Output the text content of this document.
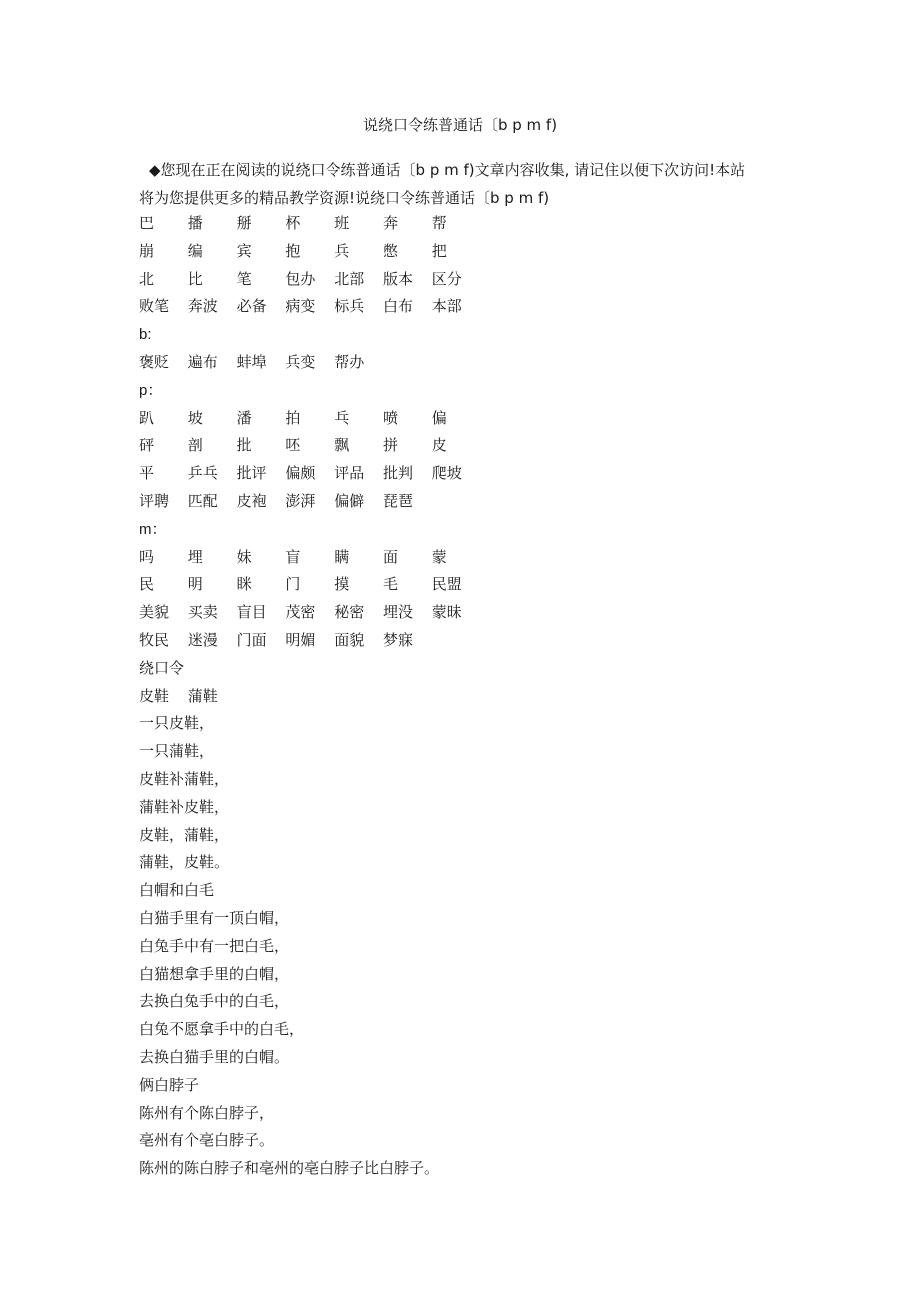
说绕口令练普通话〔b p m f)

◆您现在正在阅读的说绕口令练普通话〔b p m f)文章内容收集, 请记住以便下次访问!本站

将为您提供更多的精品教学资源!说绕口令练普通话〔b p m f)

巴	播	掰	杯	班	奔	帮
崩	编	宾	抱	兵	憋	把
北	比	笔	包办	北部	版本	区分
败笔	奔波	必备	病变	标兵	白布	本部
b:
褒贬	遍布	蚌埠	兵变	帮办
p：
趴	坡	潘	拍	乓	喷	偏
砰	剖	批	呸	飘	拼	皮
平	乒乓	批评	偏颇	评品	批判	爬坡
评聘	匹配	皮袍	澎湃	偏僻	琵琶
m：
吗	埋	妹	盲	瞒	面	蒙
民	明	眯	门	摸	毛	民盟
美貌	买卖	盲目	茂密	秘密	埋没	蒙昧
牧民	迷漫	门面	明媚	面貌	梦寐
绕口令
皮鞋	蒲鞋
一只皮鞋，
一只蒲鞋，
皮鞋补蒲鞋，
蒲鞋补皮鞋，
皮鞋，蒲鞋，
蒲鞋，皮鞋。
白帽和白毛
白猫手里有一顶白帽，
白兔手中有一把白毛，
白猫想拿手里的白帽，
去换白兔手中的白毛，
白兔不愿拿手中的白毛，
去换白猫手里的白帽。
俩白脖子
陈州有个陈白脖子，
亳州有个亳白脖子。
陈州的陈白脖子和亳州的亳白脖子比白脖子。
